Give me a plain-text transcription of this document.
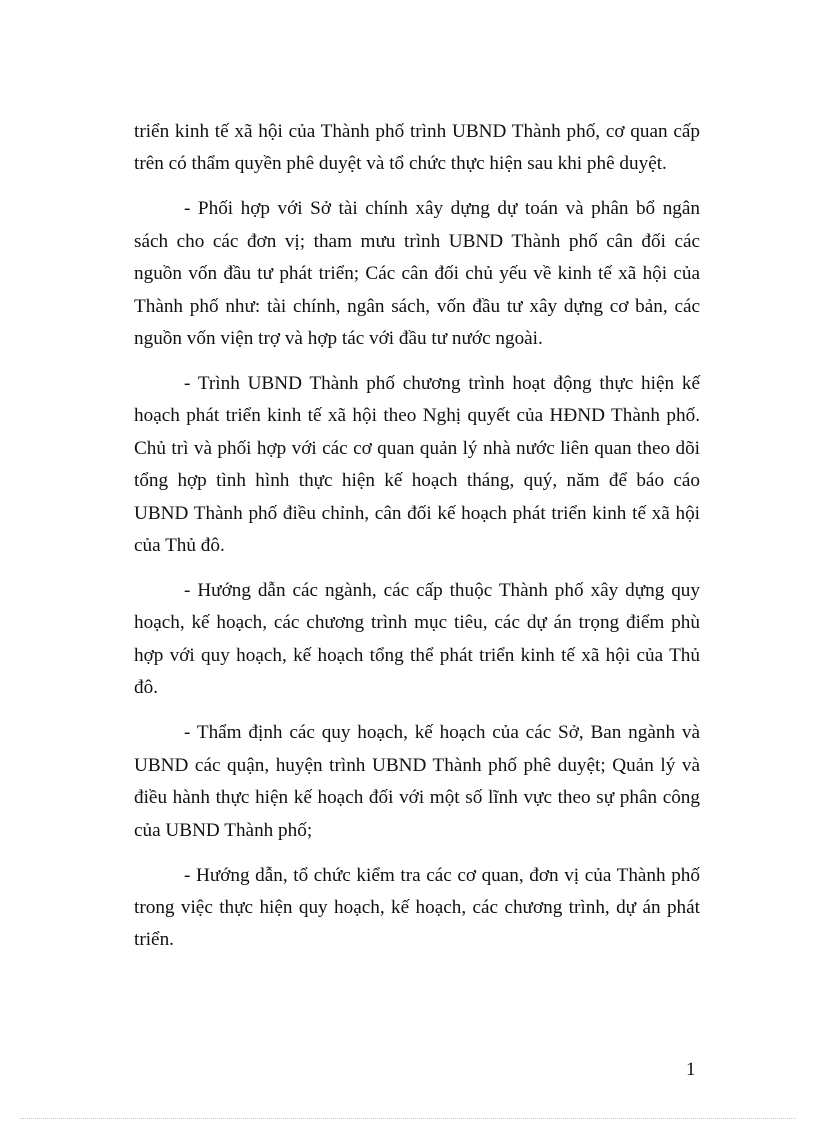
triển kinh tế xã hội của Thành phố trình UBND Thành phố, cơ quan cấp trên có thẩm quyền phê duyệt và tổ chức thực hiện sau khi phê duyệt.

- Phối hợp với Sở tài chính xây dựng dự toán và phân bổ ngân sách cho các đơn vị; tham mưu trình UBND Thành phố cân đối các nguồn vốn đầu tư phát triển; Các cân đối chủ yếu về kinh tế xã hội của Thành phố như: tài chính, ngân sách, vốn đầu tư xây dựng cơ bản, các nguồn vốn viện trợ và hợp tác với đầu tư nước ngoài.

- Trình UBND Thành phố chương trình hoạt động thực hiện kế hoạch phát triển kinh tế xã hội theo Nghị quyết của HĐND Thành phố. Chủ trì và phối hợp với các cơ quan quản lý nhà nước liên quan theo dõi tổng hợp tình hình thực hiện kế hoạch tháng, quý, năm để báo cáo UBND Thành phố điều chỉnh, cân đối kế hoạch phát triển kinh tế xã hội của Thủ đô.

- Hướng dẫn các ngành, các cấp thuộc Thành phố xây dựng quy hoạch, kế hoạch, các chương trình mục tiêu, các dự án trọng điểm phù hợp với quy hoạch, kế hoạch tổng thể phát triển kinh tế xã hội của Thủ đô.

- Thẩm định các quy hoạch, kế hoạch của các Sở, Ban ngành và UBND các quận, huyện trình UBND Thành phố phê duyệt; Quản lý và điều hành thực hiện kế hoạch đối với một số lĩnh vực theo sự phân công của UBND Thành phố;

- Hướng dẫn, tổ chức kiểm tra các cơ quan, đơn vị của Thành phố trong việc thực hiện quy hoạch, kế hoạch, các chương trình, dự án phát triển.

1
